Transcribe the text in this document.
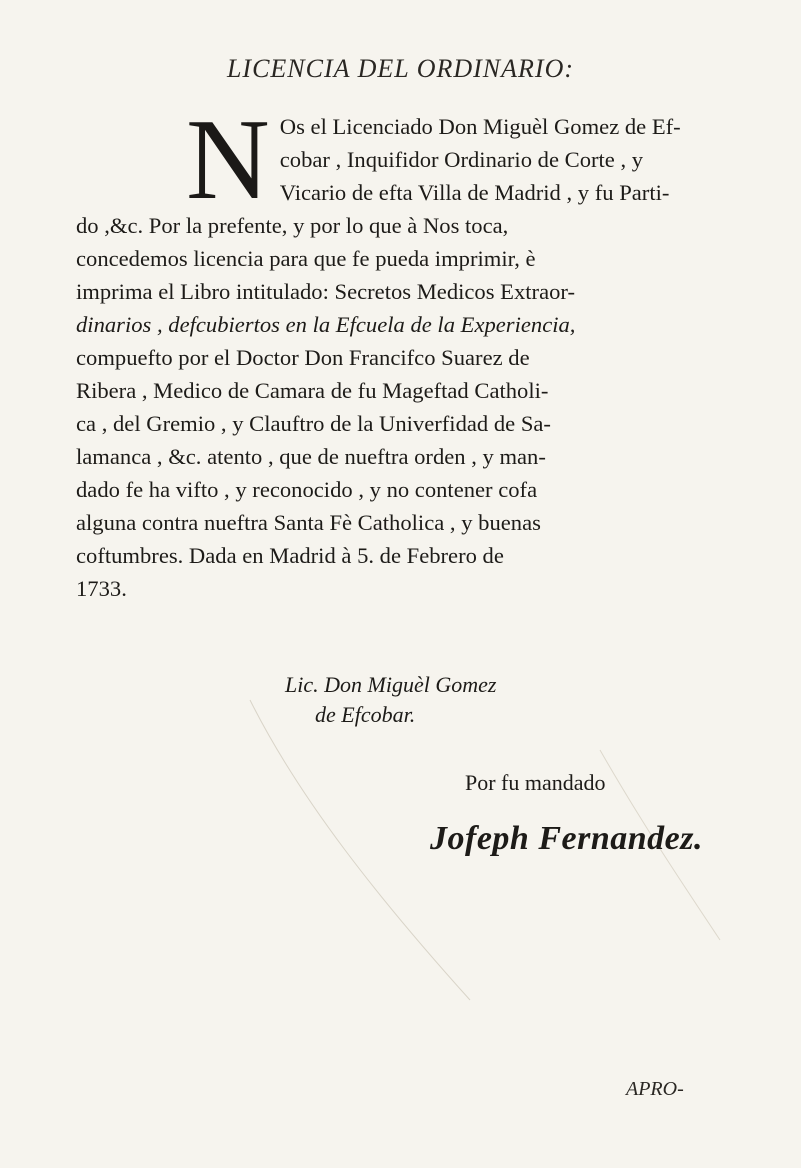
LICENCIA DEL ORDINARIO:
N Os el Licenciado Don Miguèl Gomez de Ef-
cobar , Inquifidor Ordinario de Corte , y
Vicario de efta Villa de Madrid , y fu Parti-
do ,&c. Por la prefente, y por lo que à Nos toca,
concedemos licencia para que fe pueda imprimir, è
imprima el Libro intitulado: Secretos Medicos Extraor-
dinarios , defcubiertos en la Efcuela de la Experiencia,
compuefto por el Doctor Don Francifco Suarez de
Ribera , Medico de Camara de fu Mageftad Catholi-
ca , del Gremio , y Clauftro de la Univerfidad de Sa-
lamanca , &c. atento , que de nueftra orden , y man-
dado fe ha vifto , y reconocido , y no contener cofa
alguna contra nueftra Santa Fè Catholica , y buenas
coftumbres. Dada en Madrid à 5. de Febrero de
1733.
Lic. Don Miguèl Gomez
de Efcobar.
Por fu mandado
Jofeph Fernandez.
APRO-
